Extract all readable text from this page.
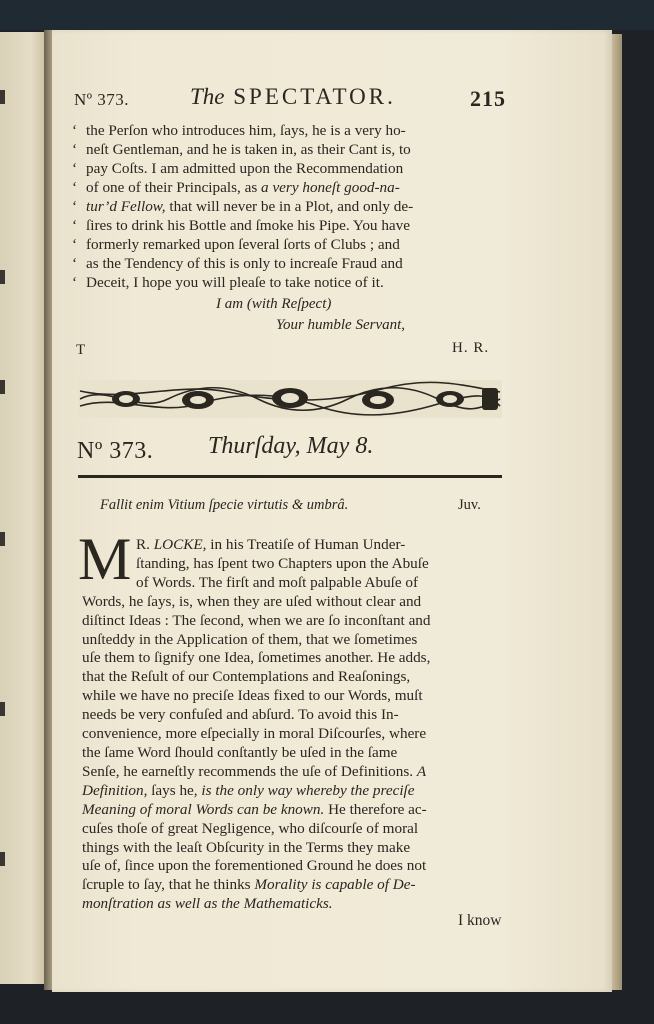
Nº 373.	The SPECTATOR.	215
‘ the Perſon who introduces him, ſays, he is a very ho-
‘ neſt Gentleman, and he is taken in, as their Cant is, to
‘ pay Coſts. I am admitted upon the Recommendation
‘ of one of their Principals, as a very honeſt good-na-
‘ tur’d Fellow, that will never be in a Plot, and only de-
‘ ſires to drink his Bottle and ſmoke his Pipe. You have
‘ formerly remarked upon ſeveral ſorts of Clubs ; and
‘ as the Tendency of this is only to increaſe Fraud and
‘ Deceit, I hope you will pleaſe to take notice of it.
I am (with Reſpect)
Your humble Servant,
T	H. R.
Nº 373. Thurſday, May 8.
Fallit enim Vitium ſpecie virtutis & umbrâ.	Juv.
M R. LOCKE, in his Treatiſe of Human Under-
ſtanding, has ſpent two Chapters upon the Abuſe
of Words. The firſt and moſt palpable Abuſe of
Words, he ſays, is, when they are uſed without clear and
diſtinct Ideas : The ſecond, when we are ſo inconſtant and
unſteddy in the Application of them, that we ſometimes
uſe them to ſignify one Idea, ſometimes another. He adds,
that the Reſult of our Contemplations and Reaſonings,
while we have no preciſe Ideas fixed to our Words, muſt
needs be very confuſed and abſurd. To avoid this In-
convenience, more eſpecially in moral Diſcourſes, where
the ſame Word ſhould conſtantly be uſed in the ſame
Senſe, he earneſtly recommends the uſe of Definitions. A
Definition, ſays he, is the only way whereby the preciſe
Meaning of moral Words can be known. He therefore ac-
cuſes thoſe of great Negligence, who diſcourſe of moral
things with the leaſt Obſcurity in the Terms they make
uſe of, ſince upon the forementioned Ground he does not
ſcruple to ſay, that he thinks Morality is capable of De-
monſtration as well as the Mathematicks.
I know
